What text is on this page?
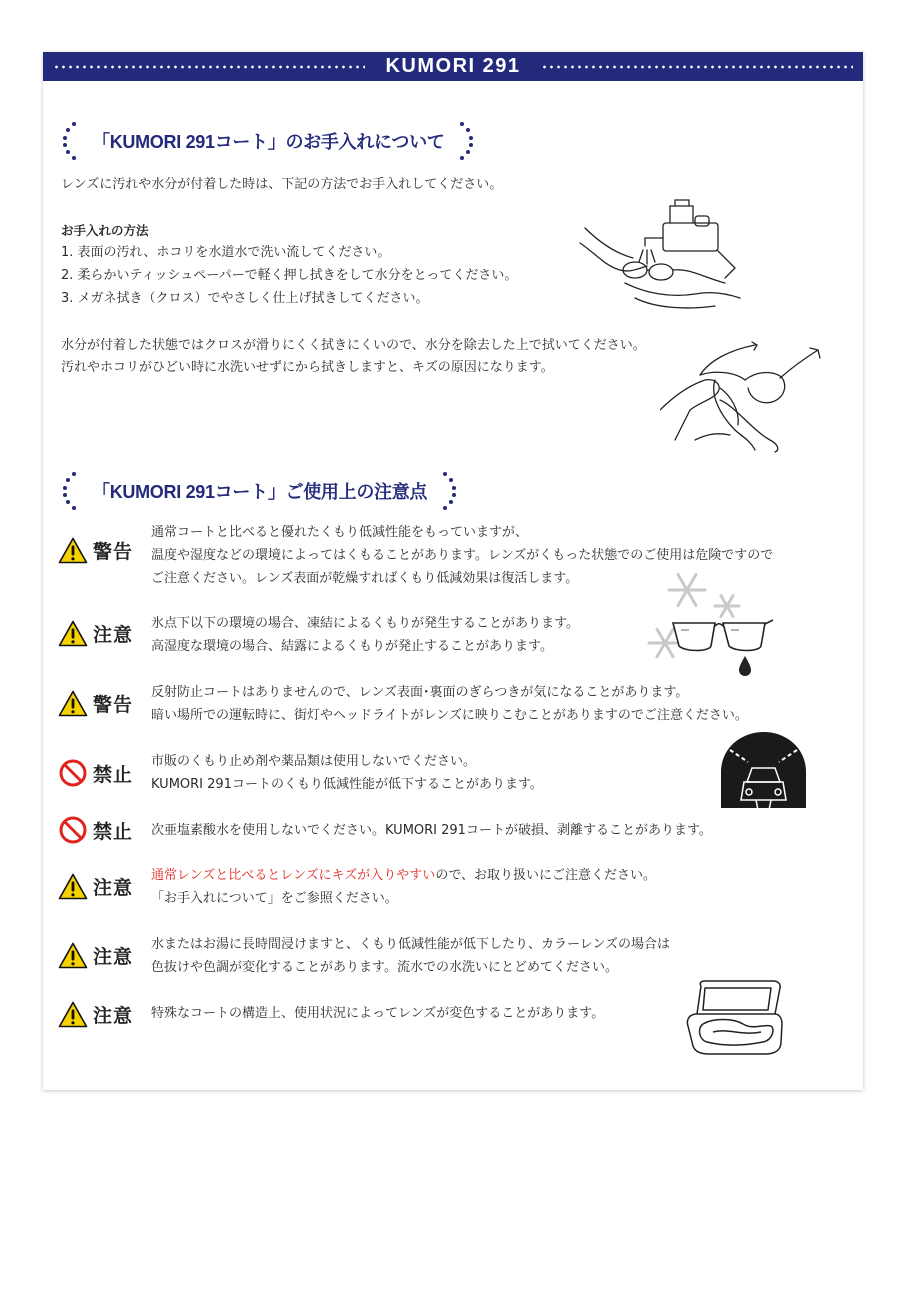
KUMORI 291
「KUMORI 291コート」のお手入れについて
レンズに汚れや水分が付着した時は、下記の方法でお手入れしてください。
お手入れの方法
1. 表面の汚れ、ホコリを水道水で洗い流してください。
2. 柔らかいティッシュペーパーで軽く押し拭きをして水分をとってください。
3. メガネ拭き（クロス）でやさしく仕上げ拭きしてください。
水分が付着した状態ではクロスが滑りにくく拭きにくいので、水分を除去した上で拭いてください。
汚れやホコリがひどい時に水洗いせずにから拭きしますと、キズの原因になります。
「KUMORI 291コート」ご使用上の注意点
警告
通常コートと比べると優れたくもり低減性能をもっていますが、
温度や湿度などの環境によってはくもることがあります。レンズがくもった状態でのご使用は危険ですので
ご注意ください。レンズ表面が乾燥すればくもり低減効果は復活します。
注意
氷点下以下の環境の場合、凍結によるくもりが発生することがあります。
高湿度な環境の場合、結露によるくもりが発止することがあります。
警告
反射防止コートはありませんので、レンズ表面･裏面のぎらつきが気になることがあります。
暗い場所での運転時に、街灯やヘッドライトがレンズに映りこむことがありますのでご注意ください。
禁止
市販のくもり止め剤や薬品類は使用しないでください。
KUMORI 291コートのくもり低減性能が低下することがあります。
禁止 次亜塩素酸水を使用しないでください。KUMORI 291コートが破損、剥離することがあります。
注意
通常レンズと比べるとレンズにキズが入りやすいので、お取り扱いにご注意ください。
「お手入れについて」をご参照ください。
注意
水またはお湯に長時間浸けますと、くもり低減性能が低下したり、カラーレンズの場合は
色抜けや色調が変化することがあります。流水での水洗いにとどめてください。
注意 特殊なコートの構造上、使用状況によってレンズが変色することがあります。
